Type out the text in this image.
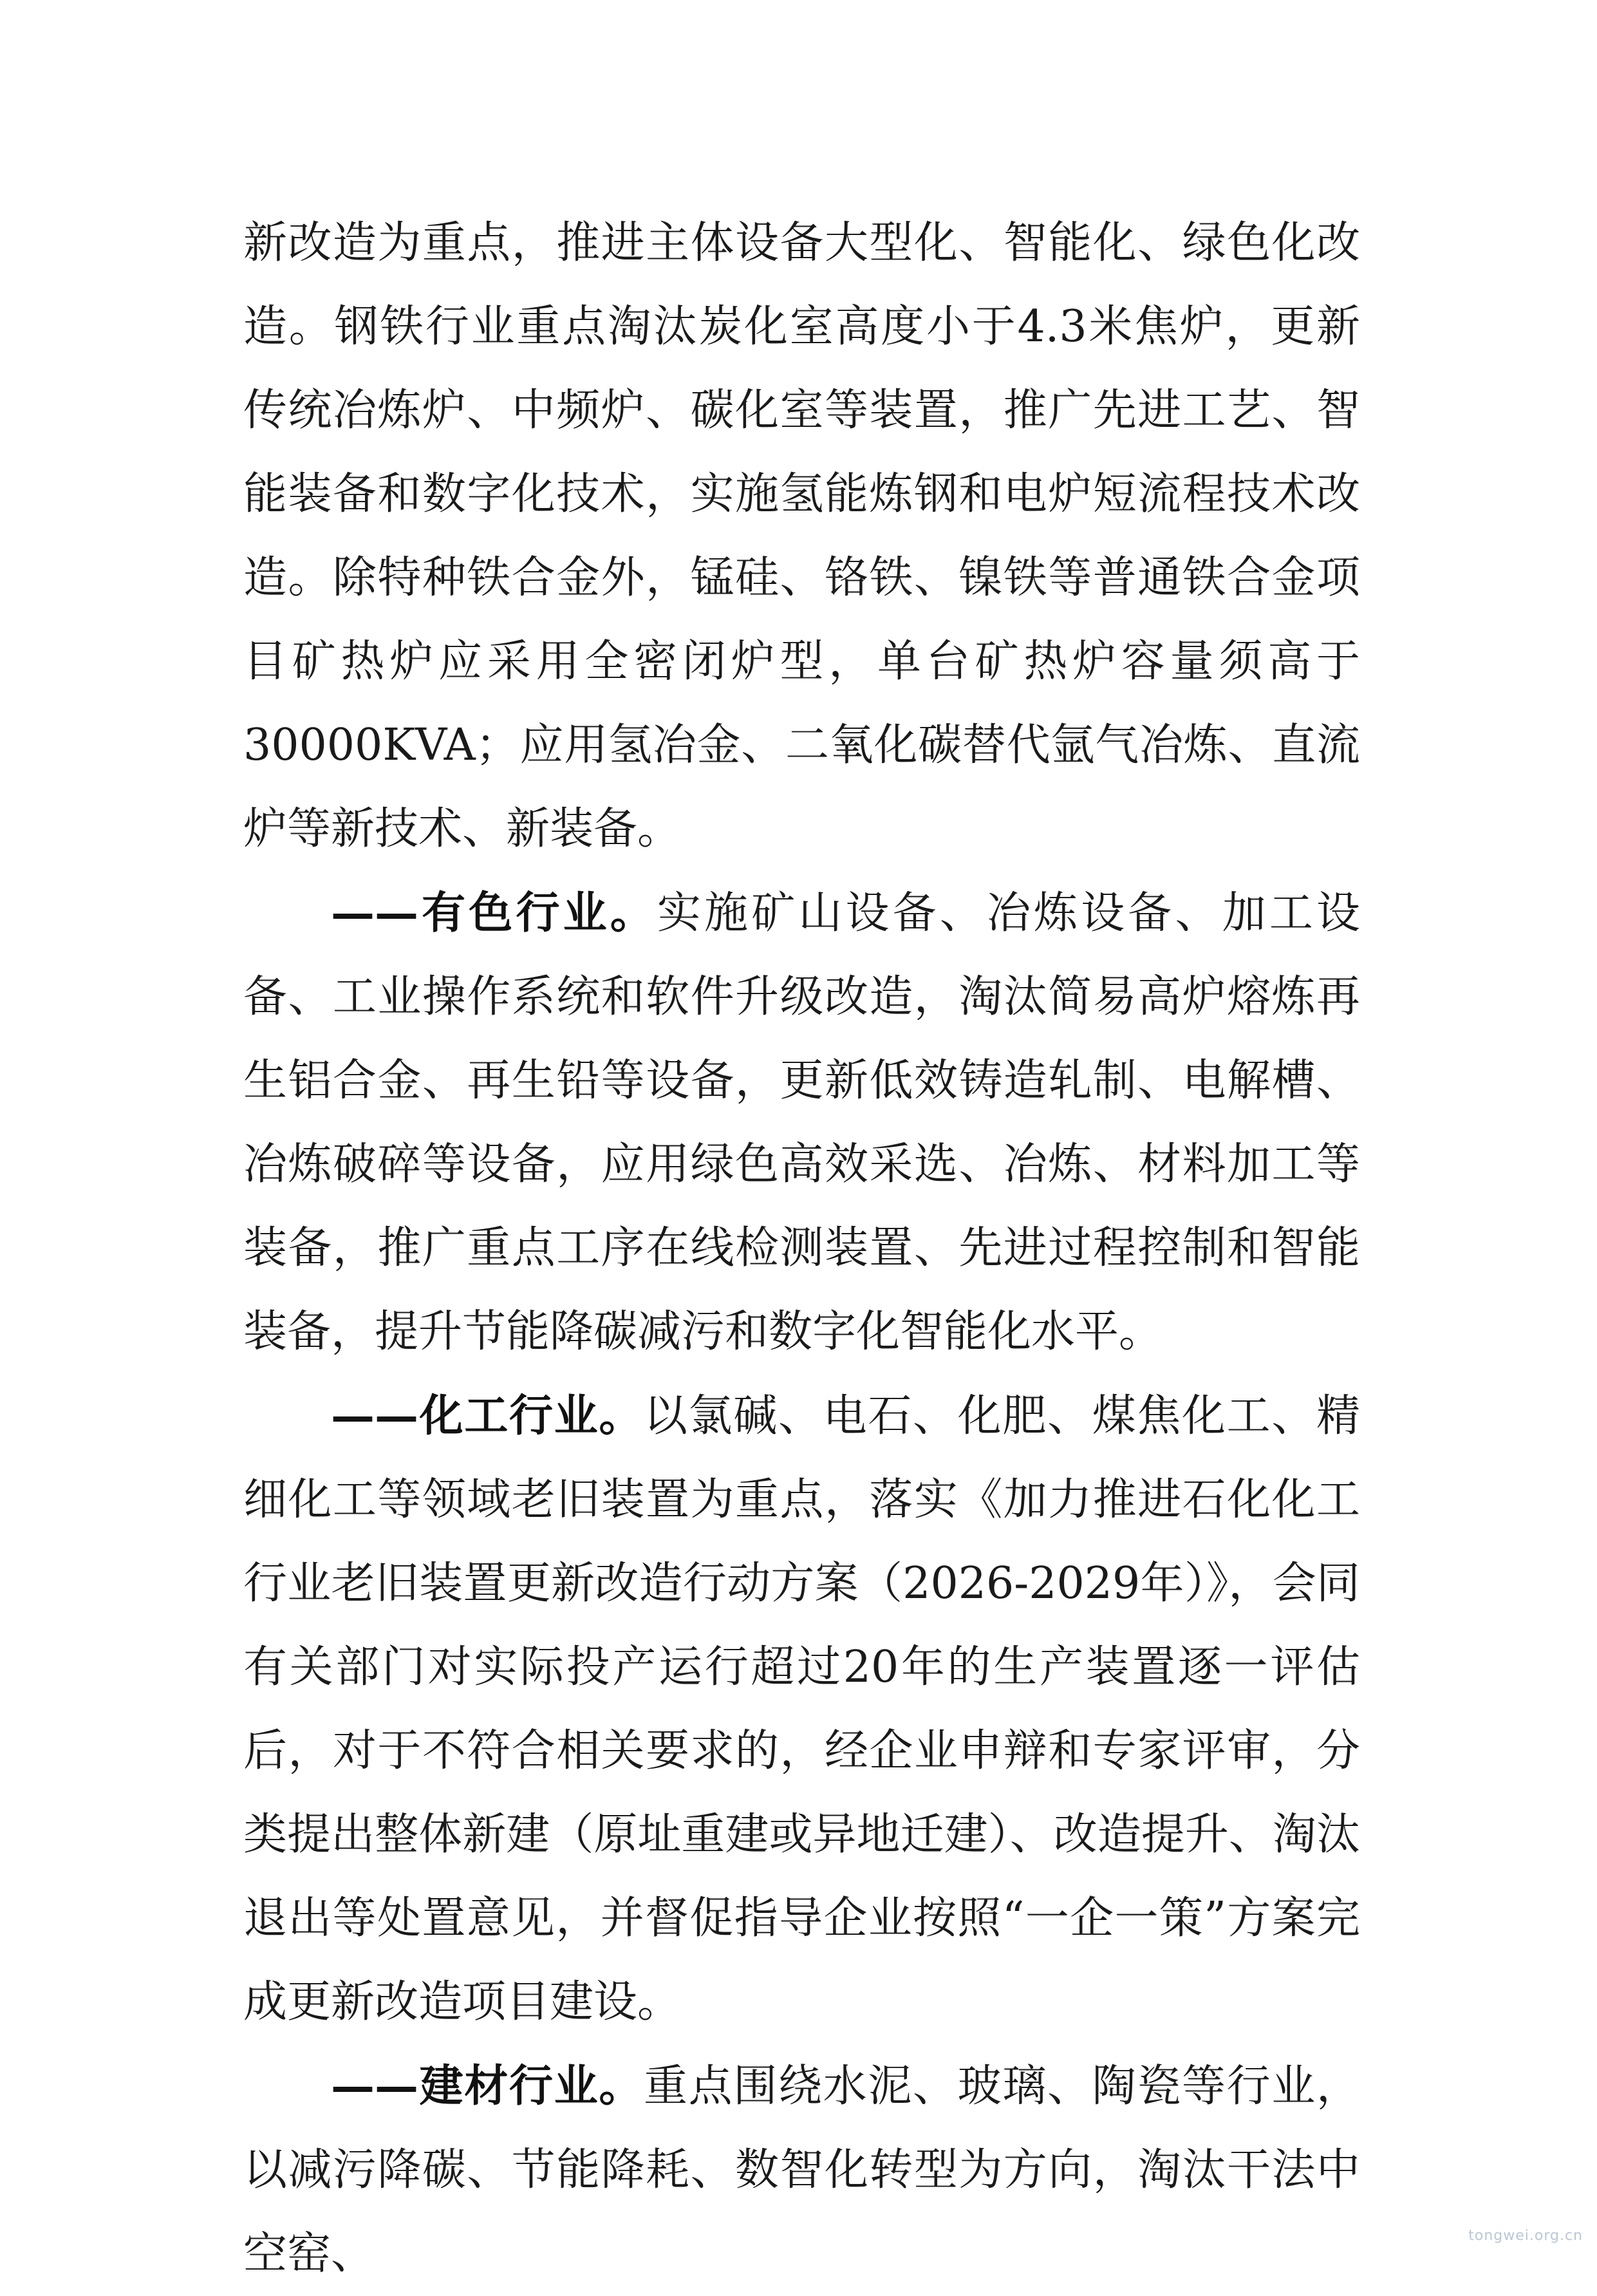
新改造为重点，推进主体设备大型化、智能化、绿色化改造。钢铁行业重点淘汰炭化室高度小于4.3米焦炉，更新传统冶炼炉、中频炉、碳化室等装置，推广先进工艺、智能装备和数字化技术，实施氢能炼钢和电炉短流程技术改造。除特种铁合金外，锰硅、铬铁、镍铁等普通铁合金项目矿热炉应采用全密闭炉型，单台矿热炉容量须高于30000KVA；应用氢冶金、二氧化碳替代氩气冶炼、直流炉等新技术、新装备。

——有色行业。实施矿山设备、冶炼设备、加工设备、工业操作系统和软件升级改造，淘汰简易高炉熔炼再生铝合金、再生铅等设备，更新低效铸造轧制、电解槽、冶炼破碎等设备，应用绿色高效采选、冶炼、材料加工等装备，推广重点工序在线检测装置、先进过程控制和智能装备，提升节能降碳减污和数字化智能化水平。

——化工行业。以氯碱、电石、化肥、煤焦化工、精细化工等领域老旧装置为重点，落实《加力推进石化化工行业老旧装置更新改造行动方案（2026-2029年）》，会同有关部门对实际投产运行超过20年的生产装置逐一评估后，对于不符合相关要求的，经企业申辩和专家评审，分类提出整体新建（原址重建或异地迁建）、改造提升、淘汰退出等处置意见，并督促指导企业按照“一企一策”方案完成更新改造项目建设。

——建材行业。重点围绕水泥、玻璃、陶瓷等行业，以减污降碳、节能降耗、数智化转型为方向，淘汰干法中空窑、	tongwei.org.cn
